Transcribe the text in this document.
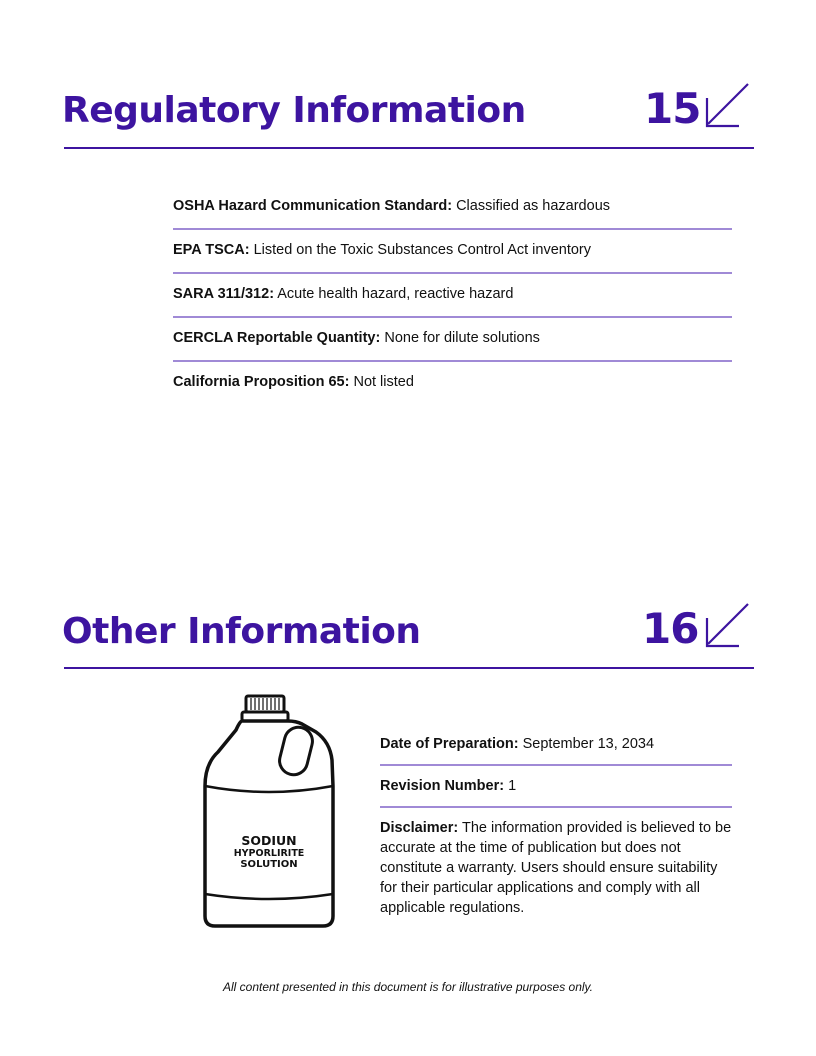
Regulatory Information	15
OSHA Hazard Communication Standard: Classified as hazardous
EPA TSCA: Listed on the Toxic Substances Control Act inventory
SARA 311/312: Acute health hazard, reactive hazard
CERCLA Reportable Quantity: None for dilute solutions
California Proposition 65: Not listed
Other Information	16
SODIUN
HYPORLIRITE
SOLUTION
Date of Preparation: September 13, 2034
Revision Number: 1
Disclaimer: The information provided is believed to be accurate at the time of publication but does not constitute a warranty. Users should ensure suitability for their particular applications and comply with all applicable regulations.
All content presented in this document is for illustrative purposes only.
